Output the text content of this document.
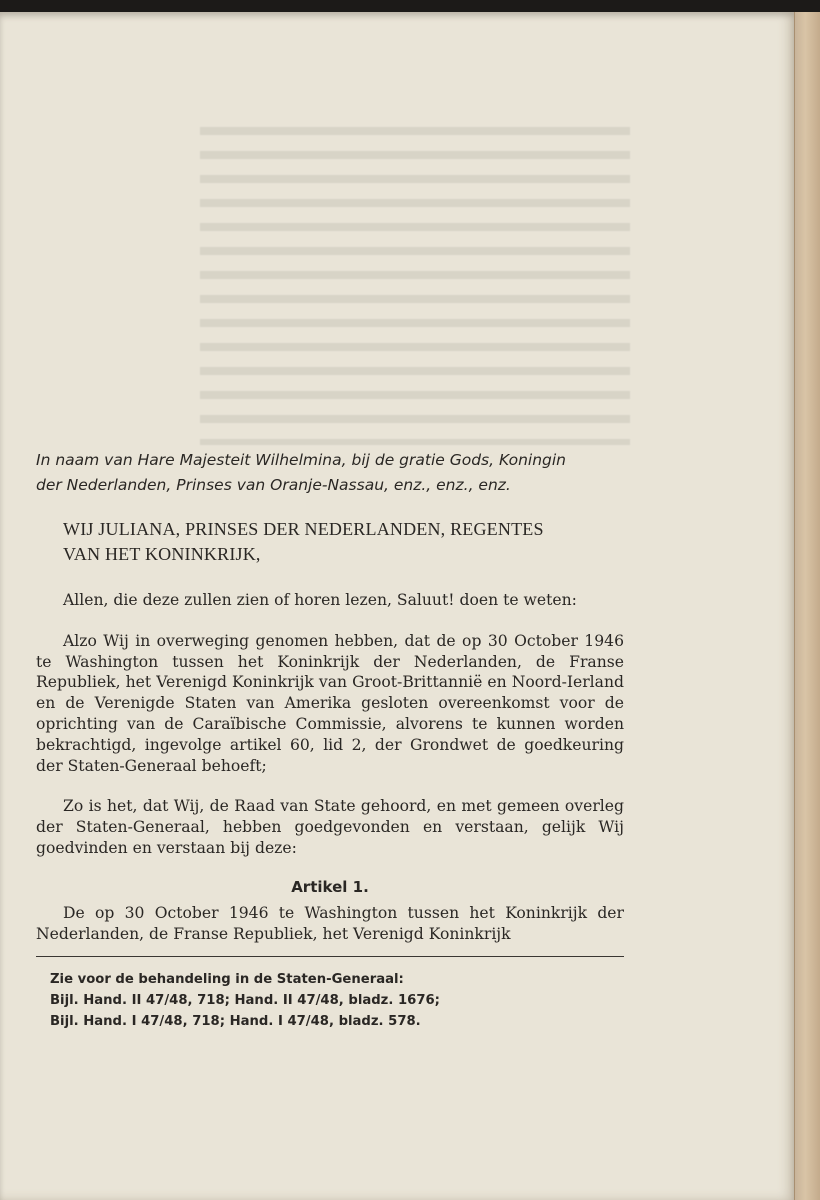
In naam van Hare Majesteit Wilhelmina, bij de gratie Gods, Koningin
der Nederlanden, Prinses van Oranje-Nassau, enz., enz., enz.
WIJ JULIANA, PRINSES DER NEDERLANDEN, REGENTES
VAN HET KONINKRIJK,

Allen, die deze zullen zien of horen lezen, Saluut! doen te weten:

Alzo Wij in overweging genomen hebben, dat de op 30 October 1946 te Washington tussen het Koninkrijk der Nederlanden, de Franse Republiek, het Verenigd Koninkrijk van Groot-Brittannië en Noord-Ierland en de Verenigde Staten van Amerika gesloten overeenkomst voor de oprichting van de Caraïbische Commissie, alvorens te kunnen worden bekrachtigd, ingevolge artikel 60, lid 2, der Grondwet de goedkeuring der Staten-Generaal behoeft;

Zo is het, dat Wij, de Raad van State gehoord, en met gemeen overleg der Staten-Generaal, hebben goedgevonden en verstaan, gelijk Wij goedvinden en verstaan bij deze:

Artikel 1.

De op 30 October 1946 te Washington tussen het Koninkrijk der Nederlanden, de Franse Republiek, het Verenigd Koninkrijk

Zie voor de behandeling in de Staten-Generaal:
Bijl. Hand. II 47/48, 718; Hand. II 47/48, bladz. 1676;
Bijl. Hand. I 47/48, 718; Hand. I 47/48, bladz. 578.
